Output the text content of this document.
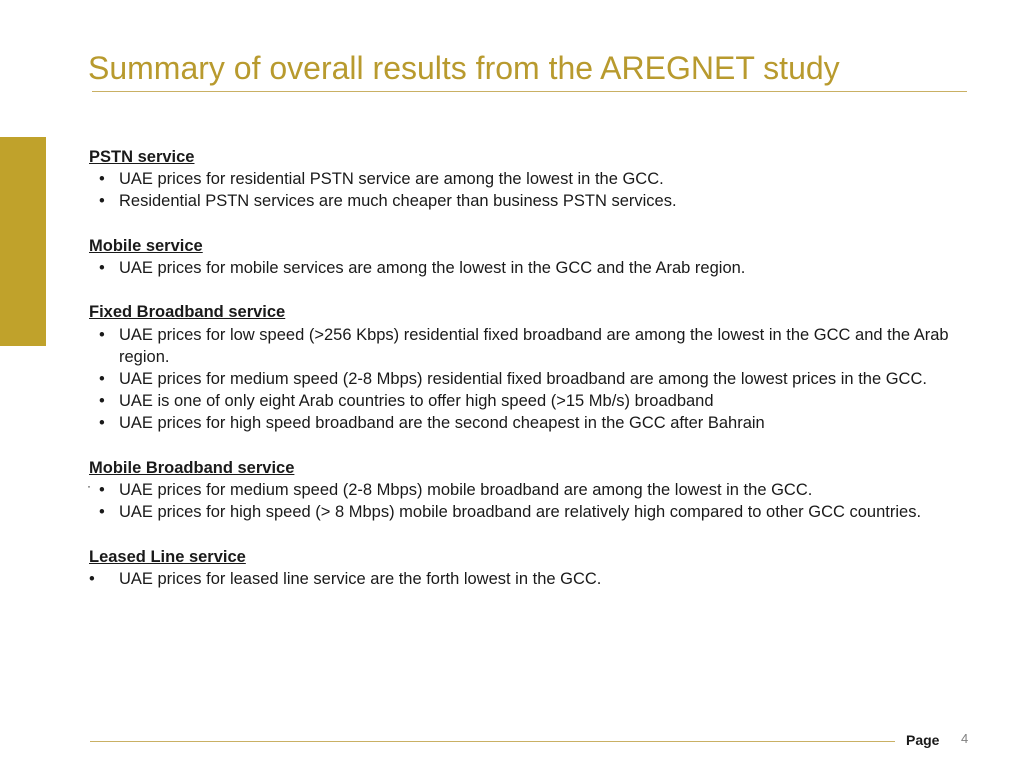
Summary of overall results from the AREGNET study
PSTN service
• UAE prices for residential PSTN service are among the lowest in the GCC.
• Residential PSTN services are much cheaper than business PSTN services.
Mobile service
• UAE prices for mobile services are among the lowest in the GCC and the Arab region.
Fixed Broadband service
• UAE prices for low speed (>256 Kbps) residential fixed broadband are among the lowest in the GCC and the Arab region.
• UAE prices for medium speed (2-8 Mbps) residential fixed broadband are among the lowest prices in the GCC.
• UAE is one of only eight Arab countries to offer high speed (>15 Mb/s) broadband
• UAE prices for high speed broadband are the second cheapest in the GCC after Bahrain
Mobile Broadband service
· • UAE prices for medium speed (2-8 Mbps) mobile broadband are among the lowest in the GCC.
• UAE prices for high speed (> 8 Mbps) mobile broadband are relatively high compared to other GCC countries.
Leased Line service
• UAE prices for leased line service are the forth lowest in the GCC.
Page 4
